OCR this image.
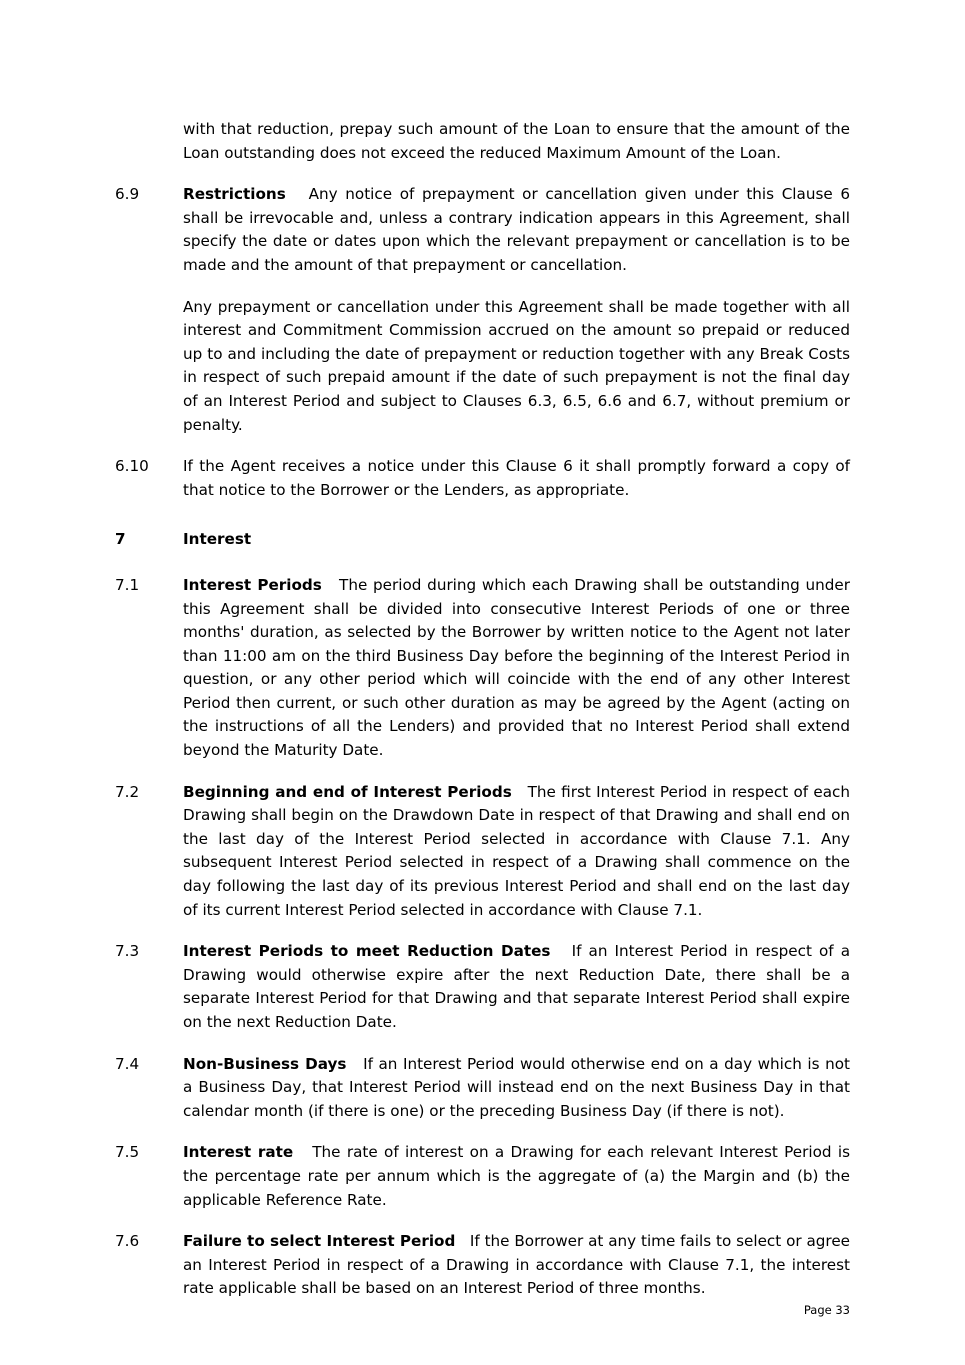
with that reduction, prepay such amount of the Loan to ensure that the amount of the Loan outstanding does not exceed the reduced Maximum Amount of the Loan.
6.9	Restrictions Any notice of prepayment or cancellation given under this Clause 6 shall be irrevocable and, unless a contrary indication appears in this Agreement, shall specify the date or dates upon which the relevant prepayment or cancellation is to be made and the amount of that prepayment or cancellation.
Any prepayment or cancellation under this Agreement shall be made together with all interest and Commitment Commission accrued on the amount so prepaid or reduced up to and including the date of prepayment or reduction together with any Break Costs in respect of such prepaid amount if the date of such prepayment is not the final day of an Interest Period and subject to Clauses 6.3, 6.5, 6.6 and 6.7, without premium or penalty.
6.10	If the Agent receives a notice under this Clause 6 it shall promptly forward a copy of that notice to the Borrower or the Lenders, as appropriate.
7	Interest
7.1	Interest Periods The period during which each Drawing shall be outstanding under this Agreement shall be divided into consecutive Interest Periods of one or three months' duration, as selected by the Borrower by written notice to the Agent not later than 11:00 am on the third Business Day before the beginning of the Interest Period in question, or any other period which will coincide with the end of any other Interest Period then current, or such other duration as may be agreed by the Agent (acting on the instructions of all the Lenders) and provided that no Interest Period shall extend beyond the Maturity Date.
7.2	Beginning and end of Interest Periods The first Interest Period in respect of each Drawing shall begin on the Drawdown Date in respect of that Drawing and shall end on the last day of the Interest Period selected in accordance with Clause 7.1. Any subsequent Interest Period selected in respect of a Drawing shall commence on the day following the last day of its previous Interest Period and shall end on the last day of its current Interest Period selected in accordance with Clause 7.1.
7.3	Interest Periods to meet Reduction Dates If an Interest Period in respect of a Drawing would otherwise expire after the next Reduction Date, there shall be a separate Interest Period for that Drawing and that separate Interest Period shall expire on the next Reduction Date.
7.4	Non-Business Days If an Interest Period would otherwise end on a day which is not a Business Day, that Interest Period will instead end on the next Business Day in that calendar month (if there is one) or the preceding Business Day (if there is not).
7.5	Interest rate The rate of interest on a Drawing for each relevant Interest Period is the percentage rate per annum which is the aggregate of (a) the Margin and (b) the applicable Reference Rate.
7.6	Failure to select Interest Period If the Borrower at any time fails to select or agree an Interest Period in respect of a Drawing in accordance with Clause 7.1, the interest rate applicable shall be based on an Interest Period of three months.
Page 33
